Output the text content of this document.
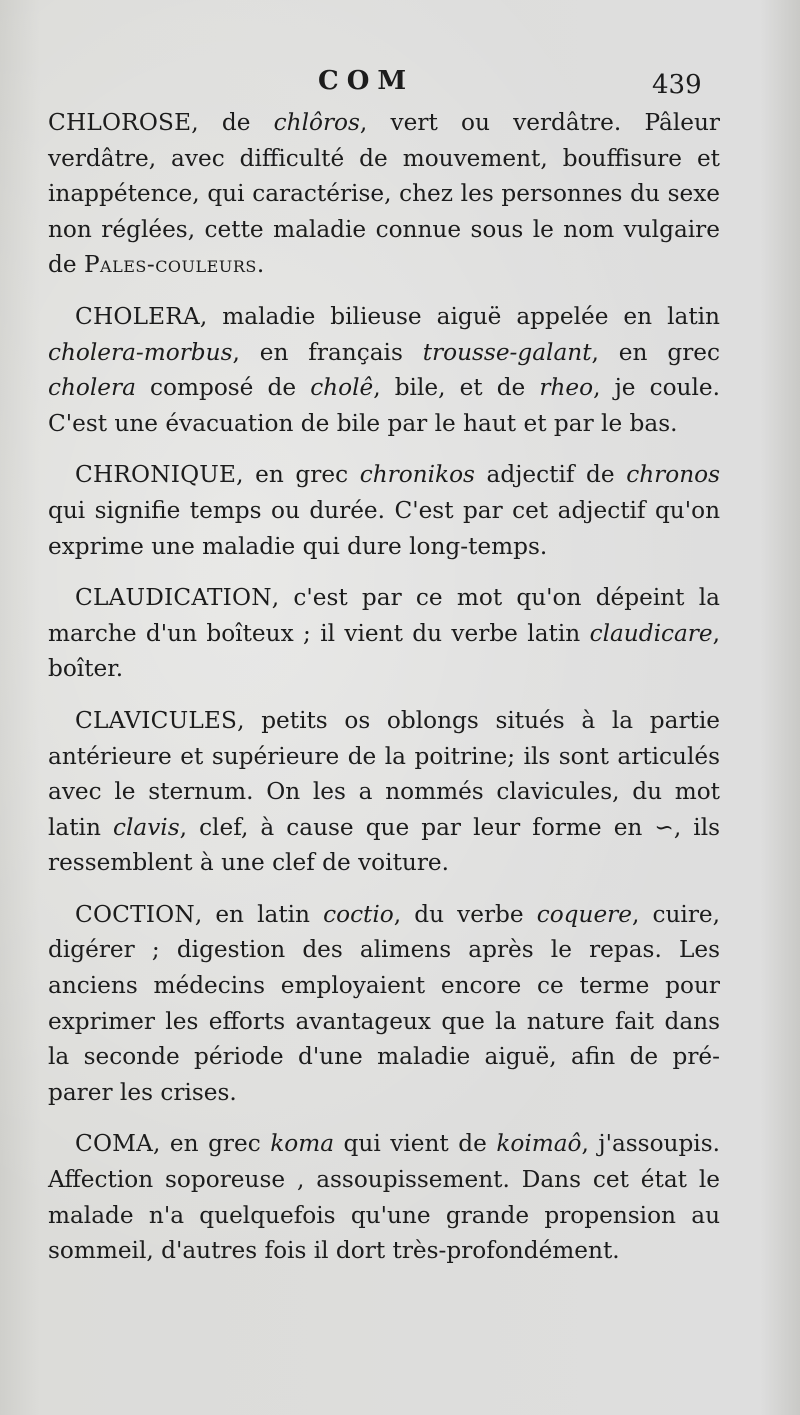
COM	439

CHLOROSE, de chlôros, vert ou verdâtre. Pâleur verdâtre, avec difficulté de mouvement, bouffisure et inappétence, qui caractérise, chez les personnes du sexe non réglées, cette maladie connue sous le nom vulgaire de Pales-couleurs.

CHOLERA, maladie bilieuse aiguë appelée en latin cholera-morbus, en français trousse-galant, en grec cholera composé de cholê, bile, et de rheo, je coule. C'est une évacuation de bile par le haut et par le bas.

CHRONIQUE, en grec chronikos adjectif de chronos qui signifie temps ou durée. C'est par cet adjectif qu'on exprime une maladie qui dure long-temps.

CLAUDICATION, c'est par ce mot qu'on dépeint la marche d'un boîteux ; il vient du verbe latin claudicare, boîter.

CLAVICULES, petits os oblongs situés à la partie antérieure et supérieure de la poitrine; ils sont articulés avec le sternum. On les a nommés clavicules, du mot latin clavis, clef, à cause que par leur forme en ∽, ils ressemblent à une clef de voiture.

COCTION, en latin coctio, du verbe coquere, cuire, digérer ; digestion des alimens après le repas. Les anciens médecins employaient encore ce terme pour exprimer les efforts avantageux que la nature fait dans la seconde période d'une maladie aiguë, afin de préparer les crises.

COMA, en grec koma qui vient de koimaô, j'assoupis. Affection soporeuse , assoupissement. Dans cet état le malade n'a quelquefois qu'une grande propension au sommeil, d'autres fois il dort très-profondément.
